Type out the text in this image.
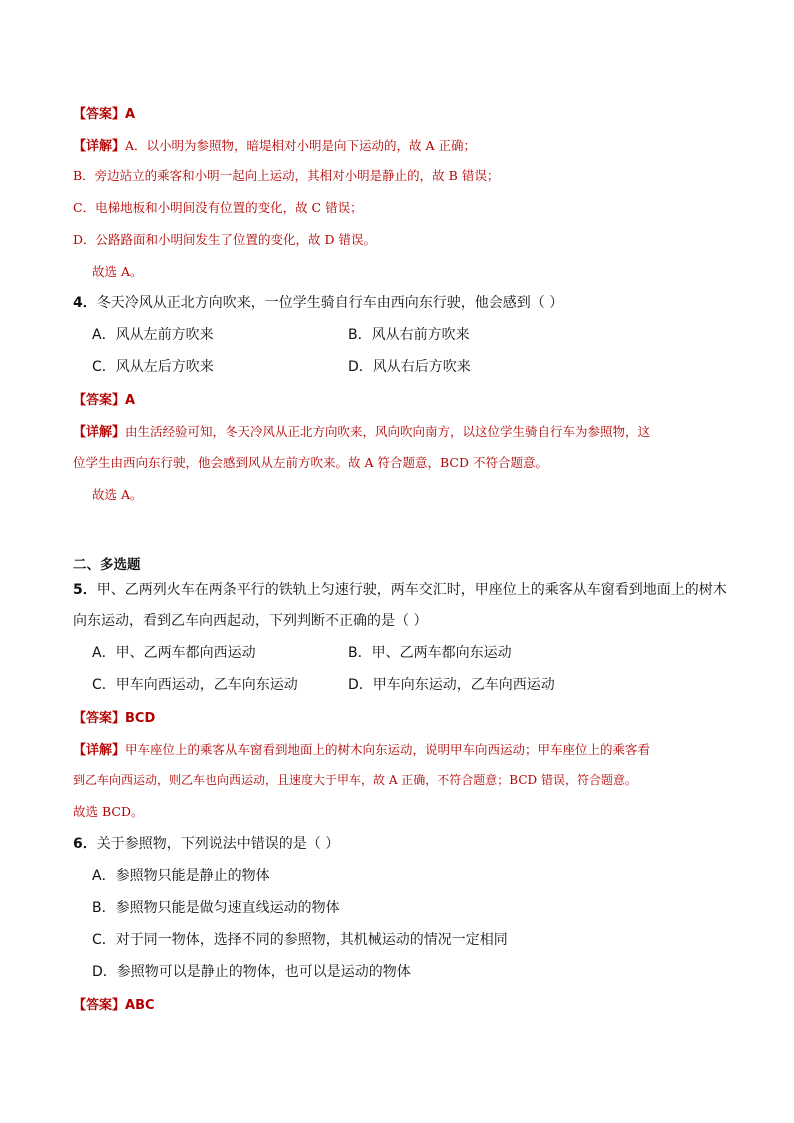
【答案】A
【详解】A．以小明为参照物，暗堤相对小明是向下运动的，故 A 正确；
B．旁边站立的乘客和小明一起向上运动，其相对小明是静止的，故 B 错误；
C．电梯地板和小明间没有位置的变化，故 C 错误；
D．公路路面和小明间发生了位置的变化，故 D 错误。
故选 A。
4．冬天冷风从正北方向吹来，一位学生骑自行车由西向东行驶，他会感到（ ）
A．风从左前方吹来	B．风从右前方吹来
C．风从左后方吹来	D．风从右后方吹来
【答案】A
【详解】由生活经验可知，冬天冷风从正北方向吹来，风向吹向南方，以这位学生骑自行车为参照物，这
位学生由西向东行驶，他会感到风从左前方吹来。故 A 符合题意，BCD 不符合题意。
故选 A。
二、多选题
5．甲、乙两列火车在两条平行的铁轨上匀速行驶，两车交汇时，甲座位上的乘客从车窗看到地面上的树木
向东运动，看到乙车向西起动，下列判断不正确的是（ ）
A．甲、乙两车都向西运动	B．甲、乙两车都向东运动
C．甲车向西运动，乙车向东运动	D．甲车向东运动，乙车向西运动
【答案】BCD
【详解】甲车座位上的乘客从车窗看到地面上的树木向东运动，说明甲车向西运动；甲车座位上的乘客看
到乙车向西运动，则乙车也向西运动，且速度大于甲车，故 A 正确，不符合题意；BCD 错误，符合题意。
故选 BCD。
6．关于参照物，下列说法中错误的是（ ）
A．参照物只能是静止的物体
B．参照物只能是做匀速直线运动的物体
C．对于同一物体，选择不同的参照物，其机械运动的情况一定相同
D．参照物可以是静止的物体，也可以是运动的物体
【答案】ABC
